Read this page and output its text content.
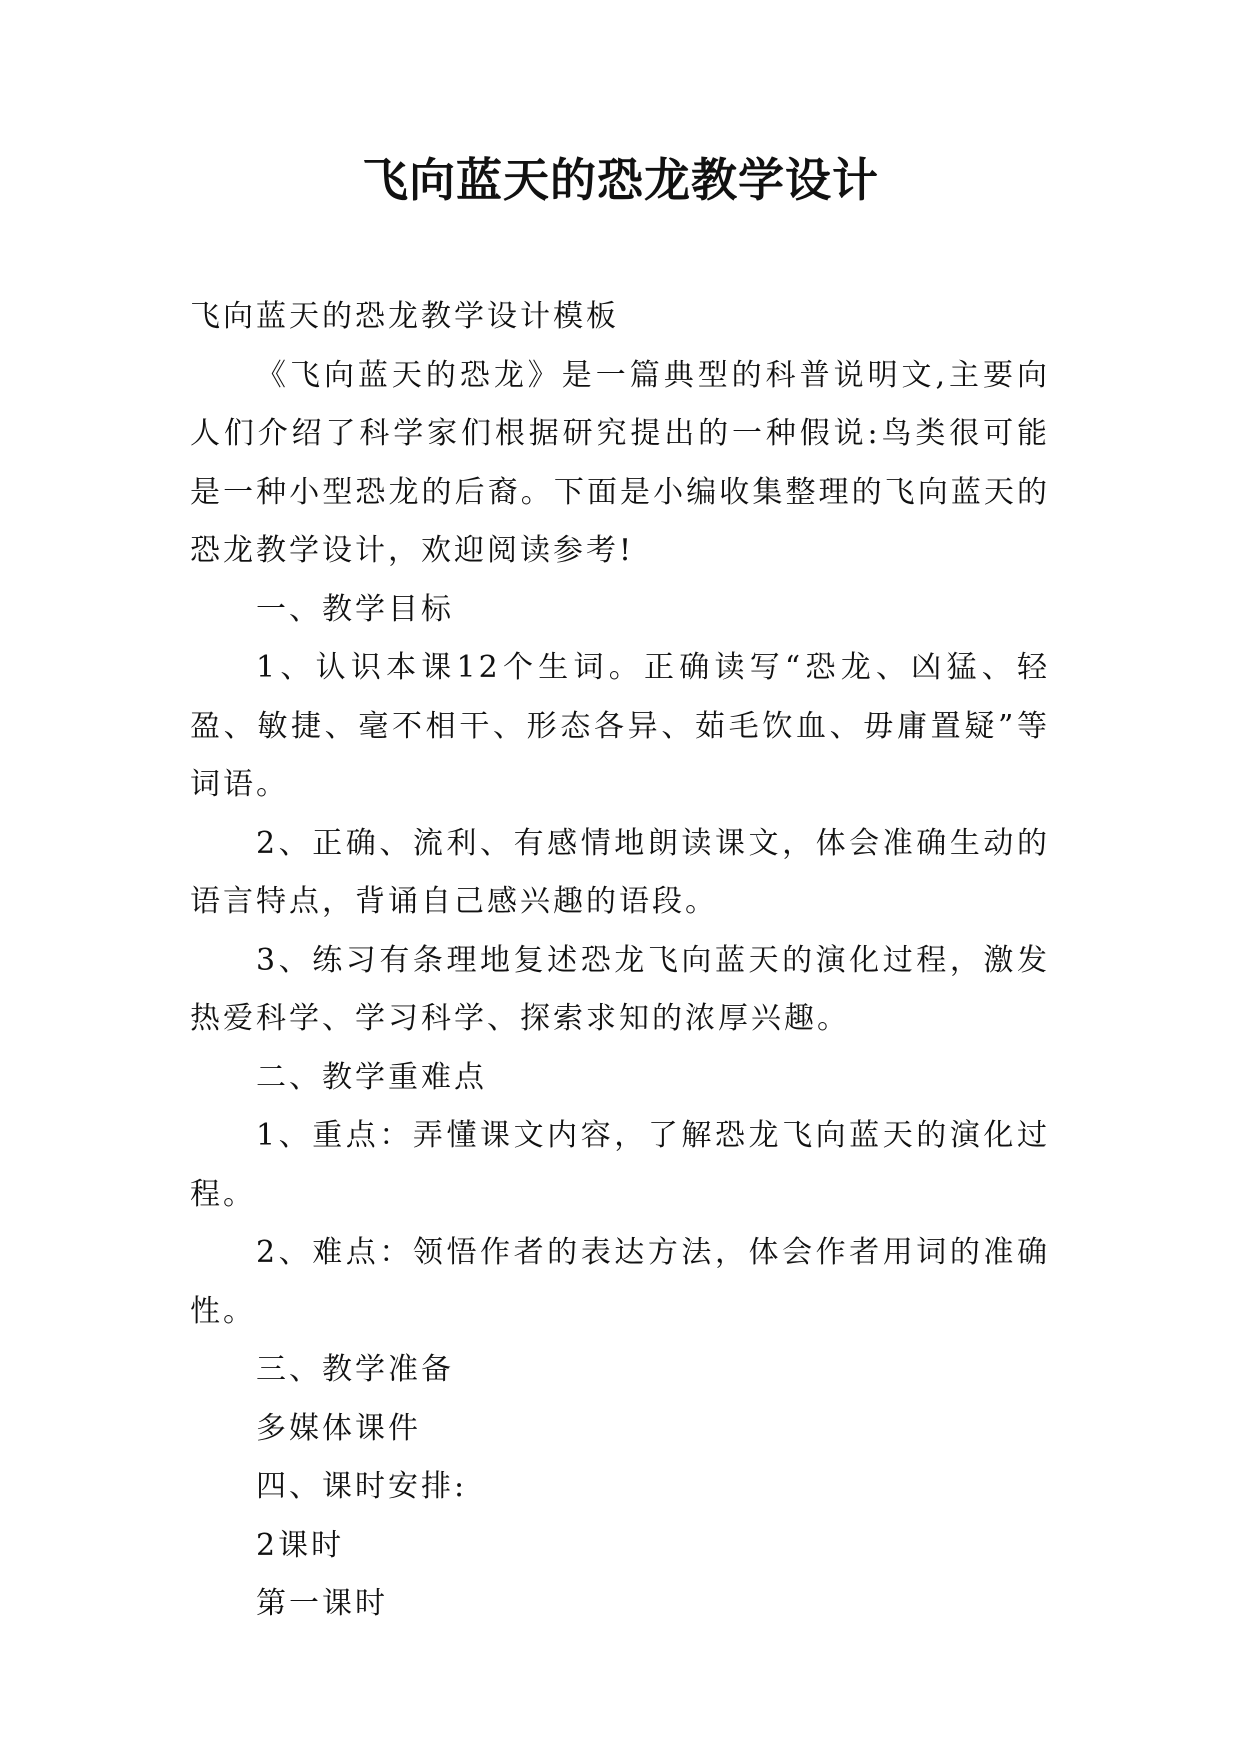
飞向蓝天的恐龙教学设计

飞向蓝天的恐龙教学设计模板

《飞向蓝天的恐龙》是一篇典型的科普说明文,主要向人们介绍了科学家们根据研究提出的一种假说:鸟类很可能是一种小型恐龙的后裔。下面是小编收集整理的飞向蓝天的恐龙教学设计，欢迎阅读参考!

一、教学目标

1、认识本课12个生词。正确读写“恐龙、凶猛、轻盈、敏捷、毫不相干、形态各异、茹毛饮血、毋庸置疑”等词语。

2、正确、流利、有感情地朗读课文，体会准确生动的语言特点，背诵自己感兴趣的语段。

3、练习有条理地复述恐龙飞向蓝天的演化过程，激发热爱科学、学习科学、探索求知的浓厚兴趣。

二、教学重难点

1、重点：弄懂课文内容，了解恐龙飞向蓝天的演化过程。

2、难点：领悟作者的表达方法，体会作者用词的准确性。

三、教学准备

多媒体课件

四、课时安排:

2课时

第一课时
